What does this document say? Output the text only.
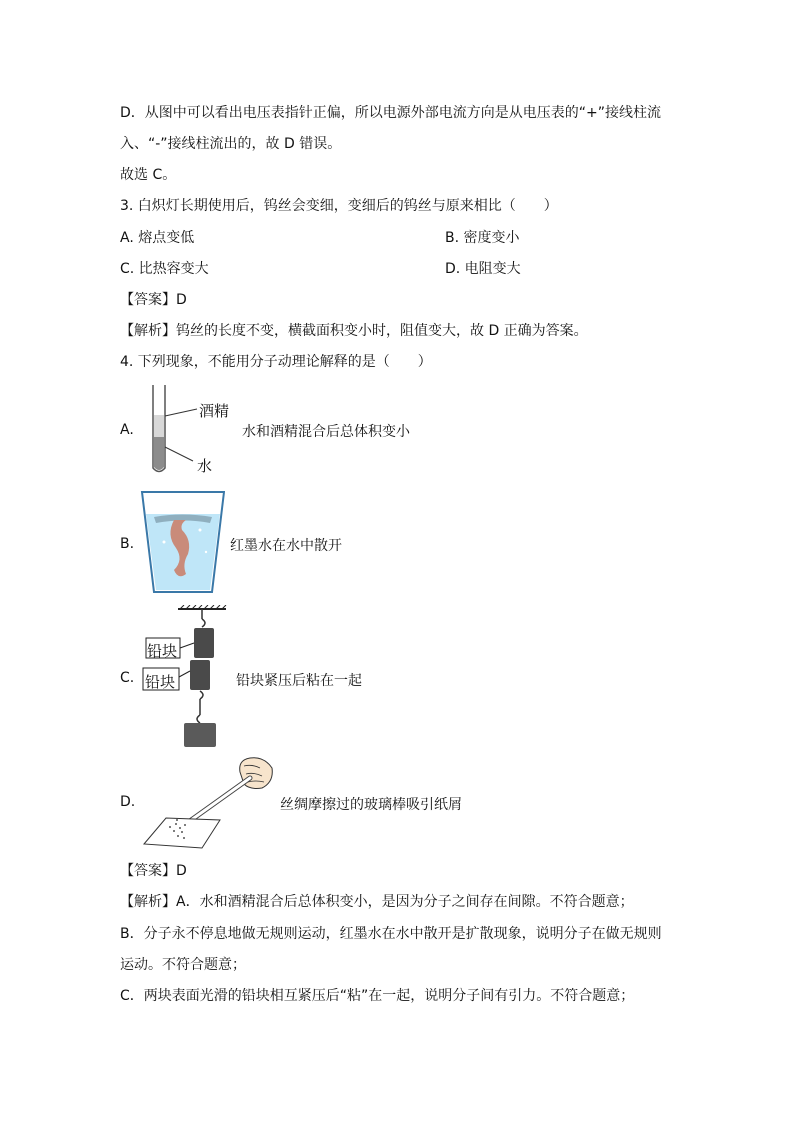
D．从图中可以看出电压表指针正偏，所以电源外部电流方向是从电压表的“+”接线柱流
入、“-”接线柱流出的，故 D 错误。
故选 C。
3. 白炽灯长期使用后，钨丝会变细，变细后的钨丝与原来相比（　　）
A. 熔点变低	B. 密度变小
C. 比热容变大	D. 电阻变大
【答案】D
【解析】钨丝的长度不变，横截面积变小时，阻值变大，故 D 正确为答案。
4. 下列现象，不能用分子动理论解释的是（　　）
A.
酒精
水
水和酒精混合后总体积变小
B.	红墨水在水中散开
C.
铅块
铅块	铅块紧压后粘在一起
D.	丝绸摩擦过的玻璃棒吸引纸屑
【答案】D
【解析】A．水和酒精混合后总体积变小，是因为分子之间存在间隙。不符合题意；
B．分子永不停息地做无规则运动，红墨水在水中散开是扩散现象，说明分子在做无规则
运动。不符合题意；
C．两块表面光滑的铅块相互紧压后“粘”在一起，说明分子间有引力。不符合题意；
